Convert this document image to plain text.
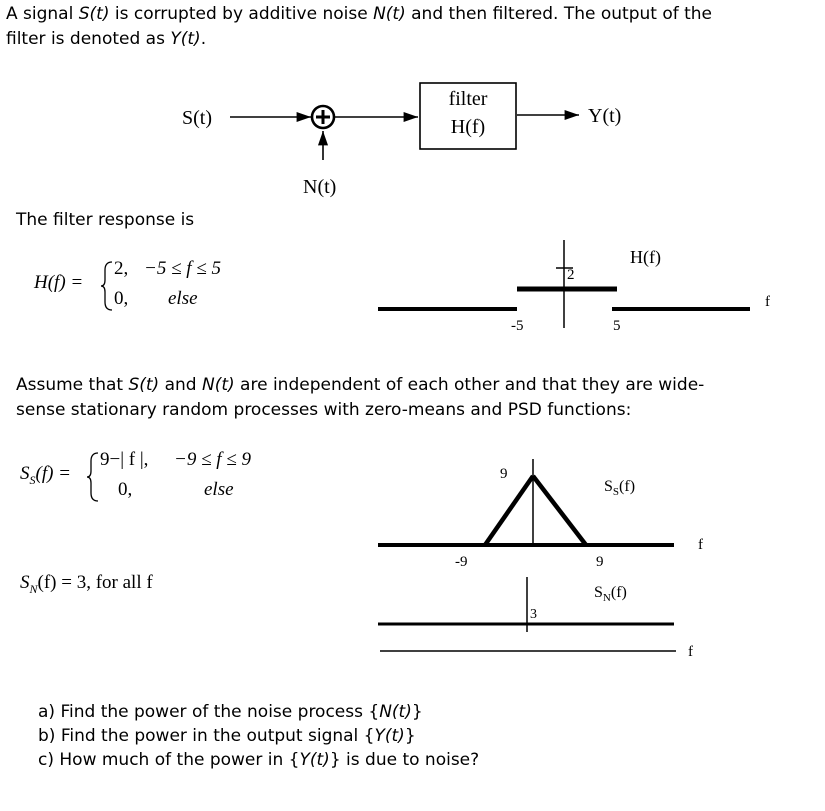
A signal S(t) is corrupted by additive noise N(t) and then filtered. The output of the
filter is denoted as Y(t).
S(t)
N(t)
filter
H(f)	Y(t)
The filter response is
H(f) =
2, −5 ≤ f ≤ 5
0, else
H(f)
2
f
-5	5
Assume that S(t) and N(t) are independent of each other and that they are wide-
sense stationary random processes with zero-means and PSD functions:
$S_S(f)$ =
9−| f |, −9 ≤ f ≤ 9
0,	else
9
$S_S(f)$
f
-9	9
$S_N(f) = 3$, for all f	$S_N(f)$
3
f
a) Find the power of the noise process {N(t)}
b) Find the power in the output signal {Y(t)}
c) How much of the power in {Y(t)} is due to noise?
